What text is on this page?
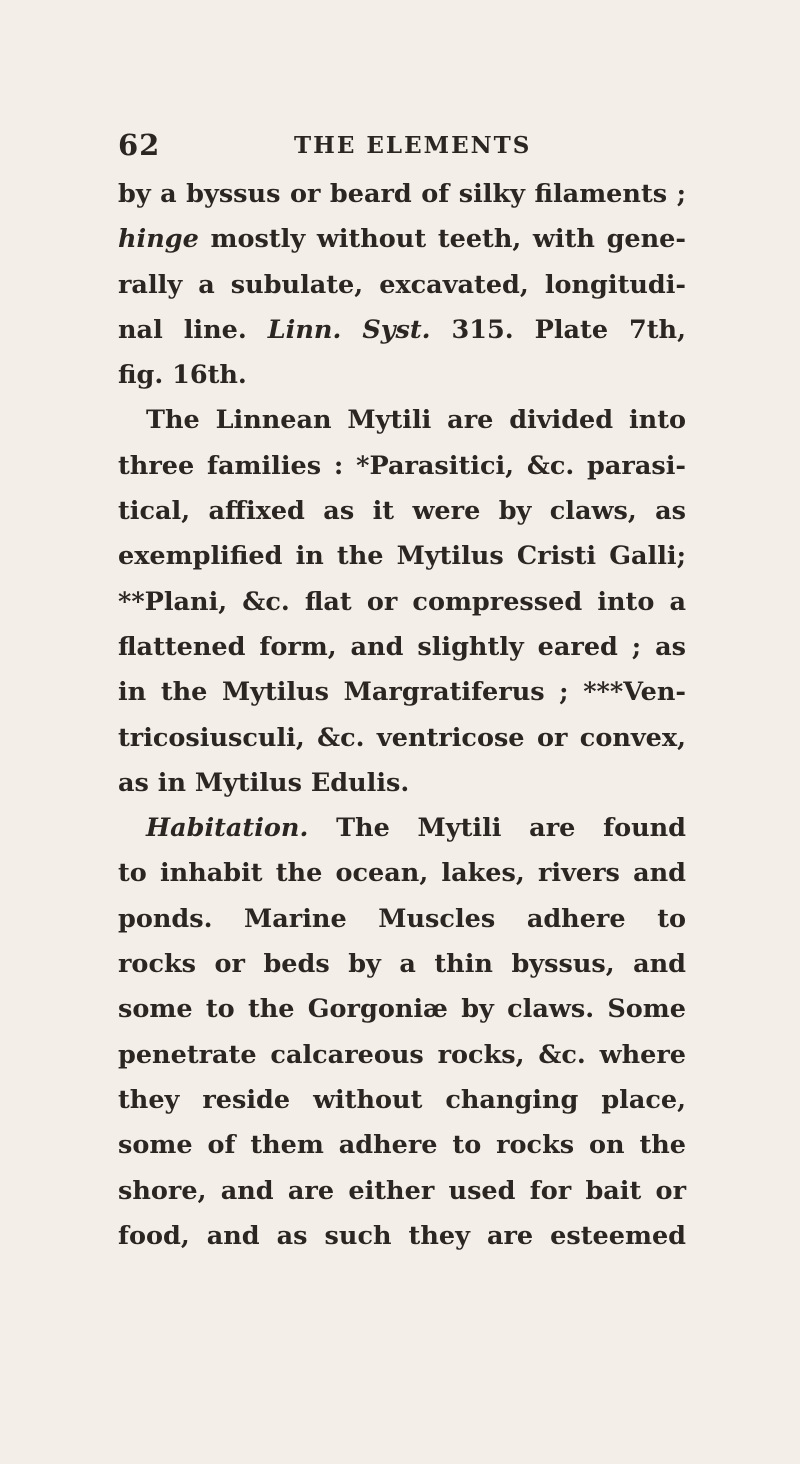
62	THE ELEMENTS
by a byssus or beard of silky filaments ;
hinge mostly without teeth, with gene-
rally a subulate, excavated, longitudi-
nal line. Linn. Syst. 315. Plate 7th,
fig. 16th.
The Linnean Mytili are divided into
three families : *Parasitici, &c. parasi-
tical, affixed as it were by claws, as
exemplified in the Mytilus Cristi Galli;
**Plani, &c. flat or compressed into a
flattened form, and slightly eared ; as
in the Mytilus Margratiferus ; ***Ven-
tricosiusculi, &c. ventricose or convex,
as in Mytilus Edulis.
Habitation. The Mytili are found
to inhabit the ocean, lakes, rivers and
ponds. Marine Muscles adhere to
rocks or beds by a thin byssus, and
some to the Gorgoniæ by claws. Some
penetrate calcareous rocks, &c. where
they reside without changing place,
some of them adhere to rocks on the
shore, and are either used for bait or
food, and as such they are esteemed
